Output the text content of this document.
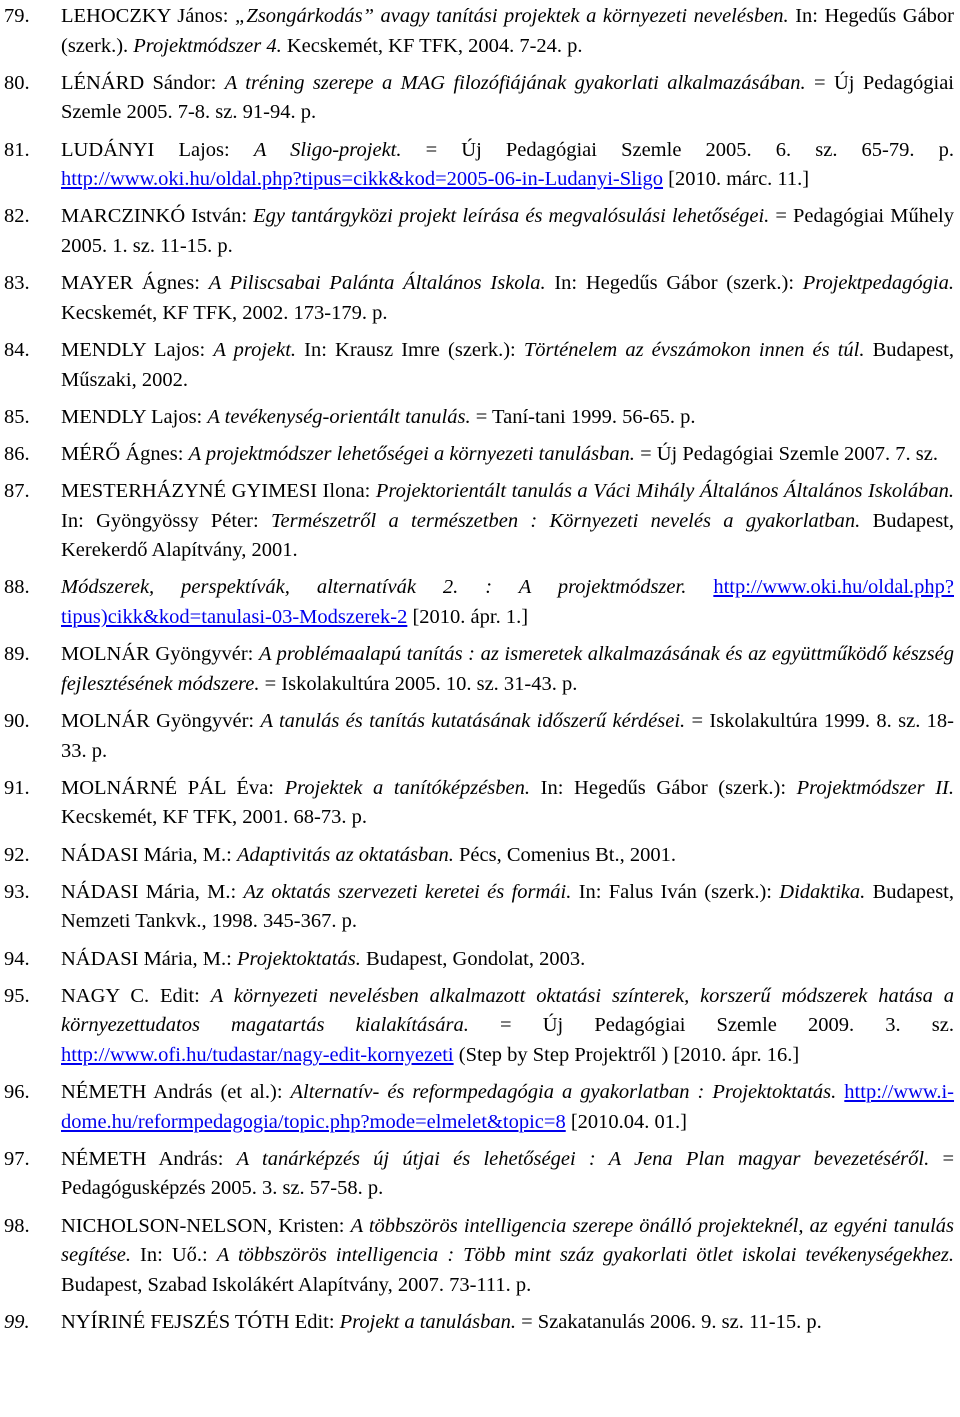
79.	LEHOCZKY János: „Zsongárkodás” avagy tanítási projektek a környezeti nevelésben. In: Hegedűs Gábor (szerk.). Projektmódszer 4. Kecskemét, KF TFK, 2004. 7-24. p.
80.	LÉNÁRD Sándor: A tréning szerepe a MAG filozófiájának gyakorlati alkalmazásában. = Új Pedagógiai Szemle 2005. 7-8. sz. 91-94. p.
81.	LUDÁNYI Lajos: A Sligo-projekt. = Új Pedagógiai Szemle 2005. 6. sz. 65-79. p. http://www.oki.hu/oldal.php?tipus=cikk&kod=2005-06-in-Ludanyi-Sligo [2010. márc. 11.]
82.	MARCZINKÓ István: Egy tantárgyközi projekt leírása és megvalósulási lehetőségei. = Pedagógiai Műhely 2005. 1. sz. 11-15. p.
83.	MAYER Ágnes: A Piliscsabai Palánta Általános Iskola. In: Hegedűs Gábor (szerk.): Projektpedagógia. Kecskemét, KF TFK, 2002. 173-179. p.
84.	MENDLY Lajos: A projekt. In: Krausz Imre (szerk.): Történelem az évszámokon innen és túl. Budapest, Műszaki, 2002.
85.	MENDLY Lajos: A tevékenység-orientált tanulás. = Taní-tani 1999. 56-65. p.
86.	MÉRŐ Ágnes: A projektmódszer lehetőségei a környezeti tanulásban. = Új Pedagógiai Szemle 2007. 7. sz.
87.	MESTERHÁZYNÉ GYIMESI Ilona: Projektorientált tanulás a Váci Mihály Általános Általános Iskolában. In: Gyöngyössy Péter: Természetről a természetben : Környezeti nevelés a gyakorlatban. Budapest, Kerekerdő Alapítvány, 2001.
88.	Módszerek, perspektívák, alternatívák 2. : A projektmódszer. http://www.oki.hu/oldal.php?tipus)cikk&kod=tanulasi-03-Modszerek-2 [2010. ápr. 1.]
89.	MOLNÁR Gyöngyvér: A problémaalapú tanítás : az ismeretek alkalmazásának és az együttműködő készség fejlesztésének módszere. = Iskolakultúra 2005. 10. sz. 31-43. p.
90.	MOLNÁR Gyöngyvér: A tanulás és tanítás kutatásának időszerű kérdései. = Iskolakultúra 1999. 8. sz. 18-33. p.
91.	MOLNÁRNÉ PÁL Éva: Projektek a tanítóképzésben. In: Hegedűs Gábor (szerk.): Projektmódszer II. Kecskemét, KF TFK, 2001. 68-73. p.
92.	NÁDASI Mária, M.: Adaptivitás az oktatásban. Pécs, Comenius Bt., 2001.
93.	NÁDASI Mária, M.: Az oktatás szervezeti keretei és formái. In: Falus Iván (szerk.): Didaktika. Budapest, Nemzeti Tankvk., 1998. 345-367. p.
94.	NÁDASI Mária, M.: Projektoktatás. Budapest, Gondolat, 2003.
95.	NAGY C. Edit: A környezeti nevelésben alkalmazott oktatási színterek, korszerű módszerek hatása a környezettudatos magatartás kialakítására. = Új Pedagógiai Szemle 2009. 3. sz. http://www.ofi.hu/tudastar/nagy-edit-kornyezeti (Step by Step Projektről ) [2010. ápr. 16.]
96.	NÉMETH András (et al.): Alternatív- és reformpedagógia a gyakorlatban : Projektoktatás. http://www.i-dome.hu/reformpedagogia/topic.php?mode=elmelet&topic=8 [2010.04. 01.]
97.	NÉMETH András: A tanárképzés új útjai és lehetőségei : A Jena Plan magyar bevezetéséről. = Pedagógusképzés 2005. 3. sz. 57-58. p.
98.	NICHOLSON-NELSON, Kristen: A többszörös intelligencia szerepe önálló projekteknél, az egyéni tanulás segítése. In: Uő.: A többszörös intelligencia : Több mint száz gyakorlati ötlet iskolai tevékenységekhez. Budapest, Szabad Iskolákért Alapítvány, 2007. 73-111. p.
99.	NYÍRINÉ FEJSZÉS TÓTH Edit: Projekt a tanulásban. = Szakatanulás 2006. 9. sz. 11-15. p.
